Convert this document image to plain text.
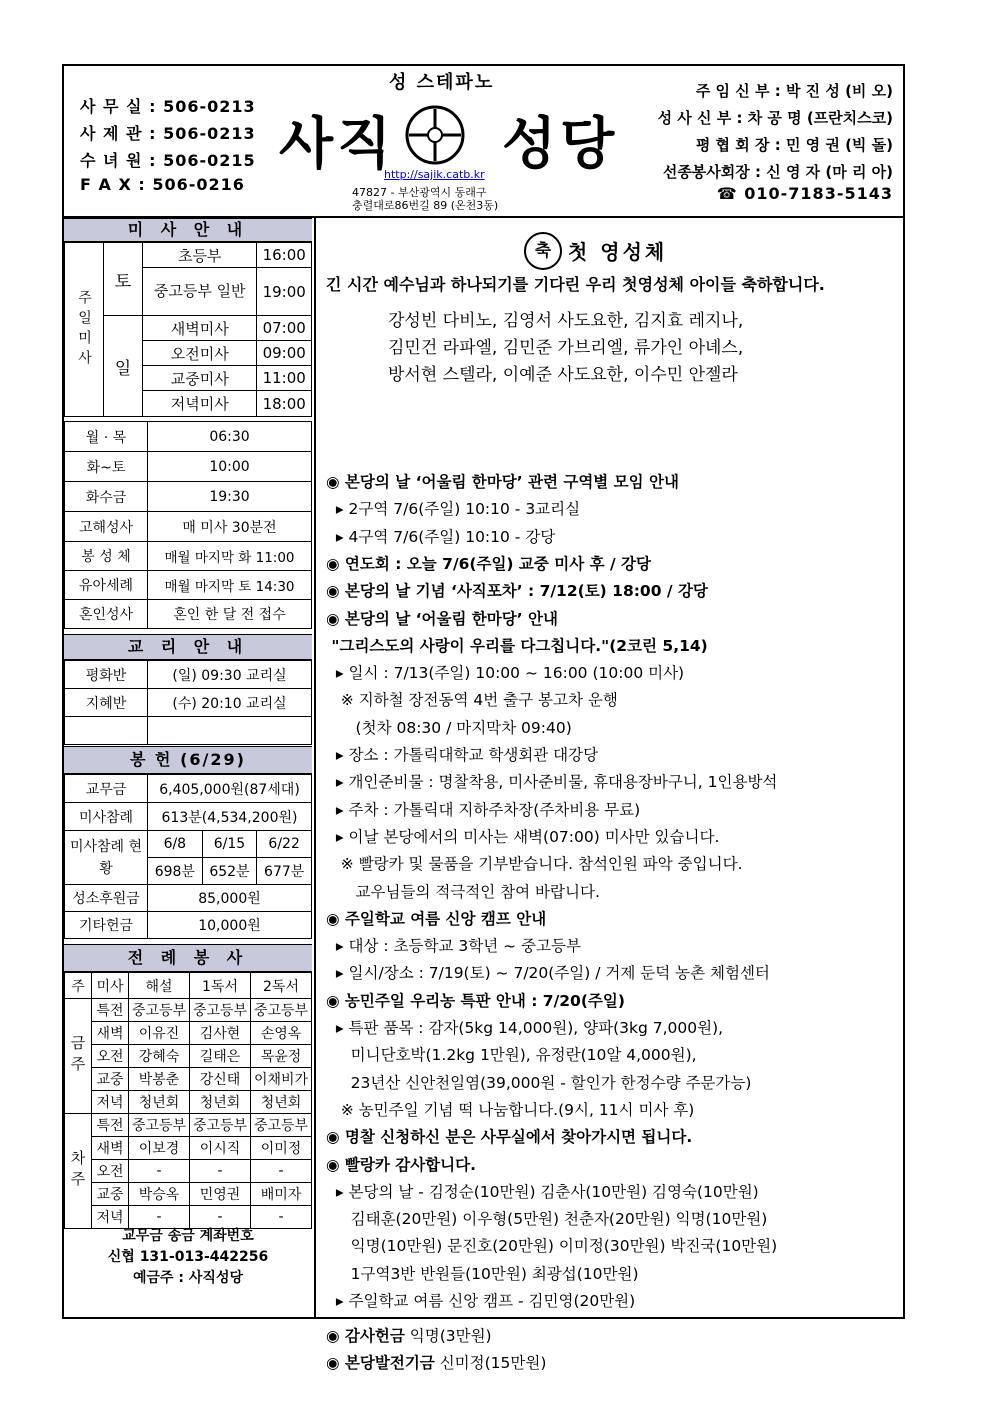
사 무 실 : 506-0213
사 제 관 : 506-0213
수 녀 원 : 506-0215
F A X : 506-0216
성 스테파노
사직 성당
http://sajik.catb.kr
47827 - 부산광역시 동래구
충렬대로86번길 89 (온천3동)
주 임 신 부 : 박 진 성 (비 오)
성 사 신 부 : 차 공 명 (프란치스코)
평 협 회 장 : 민 영 권 (빅 돌)
선종봉사회장 : 신 영 자 (마 리 아)
☎ 010-7183-5143
미 사 안 내
주일미사	토	초등부	16:00
		중고등부 일반	19:00
	일	새벽미사	07:00
		오전미사	09:00
		교중미사	11:00
		저녁미사	18:00
월 · 목	06:30
화~토	10:00
화수금	19:30
고해성사	매 미사 30분전
봉 성 체	매월 마지막 화 11:00
유아세례	매월 마지막 토 14:30
혼인성사	혼인 한 달 전 접수
교 리 안 내
평화반	(일) 09:30 교리실
지혜반	(수) 20:10 교리실

봉 헌 (6/29)
교무금	6,405,000원(87세대)		
미사참례	613분(4,534,200원)		
미사참례 현황	6/8	6/15	6/22
	698분	652분	677분
성소후원금	85,000원		
기타헌금	10,000원		
전 례 봉 사
주	미사	해설	1독서	2독서
금주	특전	중고등부	중고등부	중고등부
	새벽	이유진	김사현	손영옥
	오전	강혜숙	길태은	목윤정
	교중	박봉춘	강신태	이채비가
	저녁	청년회	청년회	청년회
차주	특전	중고등부	중고등부	중고등부
	새벽	이보경	이시직	이미정
	오전	-	-	-
	교중	박승옥	민영권	배미자
	저녁	-	-	-
교무금 송금 계좌번호
신협 131-013-442256
예금주 : 사직성당
축 첫 영성체
긴 시간 예수님과 하나되기를 기다린 우리 첫영성체 아이들 축하합니다.
강성빈 다비노, 김영서 사도요한, 김지효 레지나,
김민건 라파엘, 김민준 가브리엘, 류가인 아녜스,
방서현 스텔라, 이예준 사도요한, 이수민 안젤라
◉ 본당의 날 ‘어울림 한마당’ 관련 구역별 모임 안내
▸ 2구역 7/6(주일) 10:10 - 3교리실
▸ 4구역 7/6(주일) 10:10 - 강당
◉ 연도회 : 오늘 7/6(주일) 교중 미사 후 / 강당
◉ 본당의 날 기념 ‘사직포차’ : 7/12(토) 18:00 / 강당
◉ 본당의 날 ‘어울림 한마당’ 안내
"그리스도의 사랑이 우리를 다그칩니다."(2코린 5,14)
▸ 일시 : 7/13(주일) 10:00 ~ 16:00 (10:00 미사)
※ 지하철 장전동역 4번 출구 봉고차 운행
(첫차 08:30 / 마지막차 09:40)
▸ 장소 : 가톨릭대학교 학생회관 대강당
▸ 개인준비물 : 명찰착용, 미사준비물, 휴대용장바구니, 1인용방석
▸ 주차 : 가톨릭대 지하주차장(주차비용 무료)
▸ 이날 본당에서의 미사는 새벽(07:00) 미사만 있습니다.
※ 빨랑카 및 물품을 기부받습니다. 참석인원 파악 중입니다.
교우님들의 적극적인 참여 바랍니다.
◉ 주일학교 여름 신앙 캠프 안내
▸ 대상 : 초등학교 3학년 ~ 중고등부
▸ 일시/장소 : 7/19(토) ~ 7/20(주일) / 거제 둔덕 농촌 체험센터
◉ 농민주일 우리농 특판 안내 : 7/20(주일)
▸ 특판 품목 : 감자(5kg 14,000원), 양파(3kg 7,000원),
미니단호박(1.2kg 1만원), 유정란(10알 4,000원),
23년산 신안천일염(39,000원 - 할인가 한정수량 주문가능)
※ 농민주일 기념 떡 나눔합니다.(9시, 11시 미사 후)
◉ 명찰 신청하신 분은 사무실에서 찾아가시면 됩니다.
◉ 빨랑카 감사합니다.
▸ 본당의 날 - 김정순(10만원) 김춘사(10만원) 김영숙(10만원)
김태훈(20만원) 이우형(5만원) 천춘자(20만원) 익명(10만원)
익명(10만원) 문진호(20만원) 이미정(30만원) 박진국(10만원)
1구역3반 반원들(10만원) 최광섭(10만원)
▸ 주일학교 여름 신앙 캠프 - 김민영(20만원)
◉ 감사헌금 익명(3만원)
◉ 본당발전기금 신미정(15만원)
